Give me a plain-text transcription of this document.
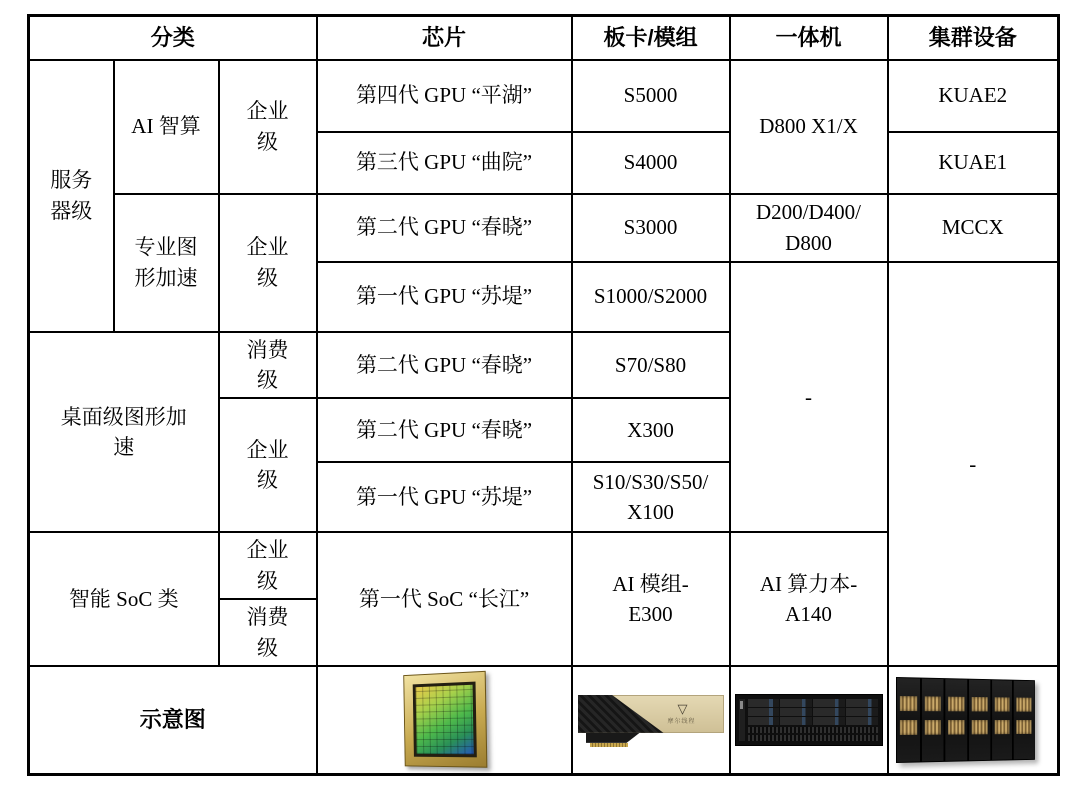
分类			芯片	板卡/模组	一体机	集群设备
服务器级	AI 智算	企业级	第四代 GPU “平湖”	S5000	D800 X1/X	KUAE2
			第三代 GPU “曲院”	S4000		KUAE1
	专业图形加速	企业级	第二代 GPU “春晓”	S3000	D200/D400/D800	MCCX
			第一代 GPU “苏堤”	S1000/S2000	-	-
桌面级图形加速		消费级	第二代 GPU “春晓”	S70/S80		
		企业级	第二代 GPU “春晓”	X300		
			第一代 GPU “苏堤”	S10/S30/S50/X100		
智能 SoC 类		企业级	第一代 SoC “长江”	AI 模组-E300	AI 算力本-A140	
		消费级				
示意图				▽
摩尔线程		
